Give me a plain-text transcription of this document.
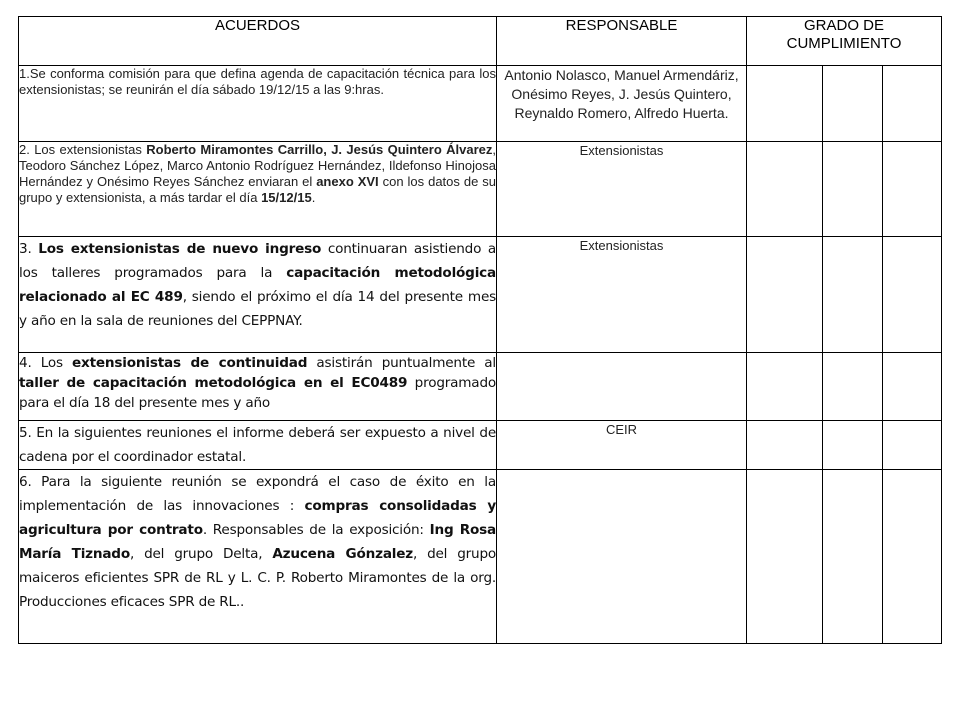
ACUERDOS	RESPONSABLE	GRADO DE CUMPLIMIENTO		
1.Se conforma comisión para que defina agenda de capacitación técnica para los extensionistas; se reunirán el día sábado 19/12/15 a las 9:hras.	Antonio Nolasco, Manuel Armendáriz, Onésimo Reyes, J. Jesús Quintero, Reynaldo Romero, Alfredo Huerta.		

2. Los extensionistas Roberto Miramontes Carrillo, J. Jesús Quintero Álvarez, Teodoro Sánchez López, Marco Antonio Rodríguez Hernández, Ildefonso Hinojosa Hernández y Onésimo Reyes Sánchez enviaran el anexo XVI con los datos de su grupo y extensionista, a más tardar el día 15/12/15.	Extensionistas		

3. Los extensionistas de nuevo ingreso continuaran asistiendo a los talleres programados para la capacitación metodológica relacionado al EC 489, siendo el próximo el día 14 del presente mes y año en la sala de reuniones del CEPPNAY.	Extensionistas			

4. Los extensionistas de continuidad asistirán puntualmente al taller de capacitación metodológica en el EC0489 programado para el día 18 del presente mes y año				

5. En la siguientes reuniones el informe deberá ser expuesto a nivel de cadena por el coordinador estatal.	CEIR			

6. Para la siguiente reunión se expondrá el caso de éxito en la implementación de las innovaciones : compras consolidadas y agricultura por contrato. Responsables de la exposición: Ing Rosa María Tiznado, del grupo Delta, Azucena Gónzalez, del grupo maiceros eficientes SPR de RL y L. C. P. Roberto Miramontes de la org. Producciones eficaces SPR de RL..				
